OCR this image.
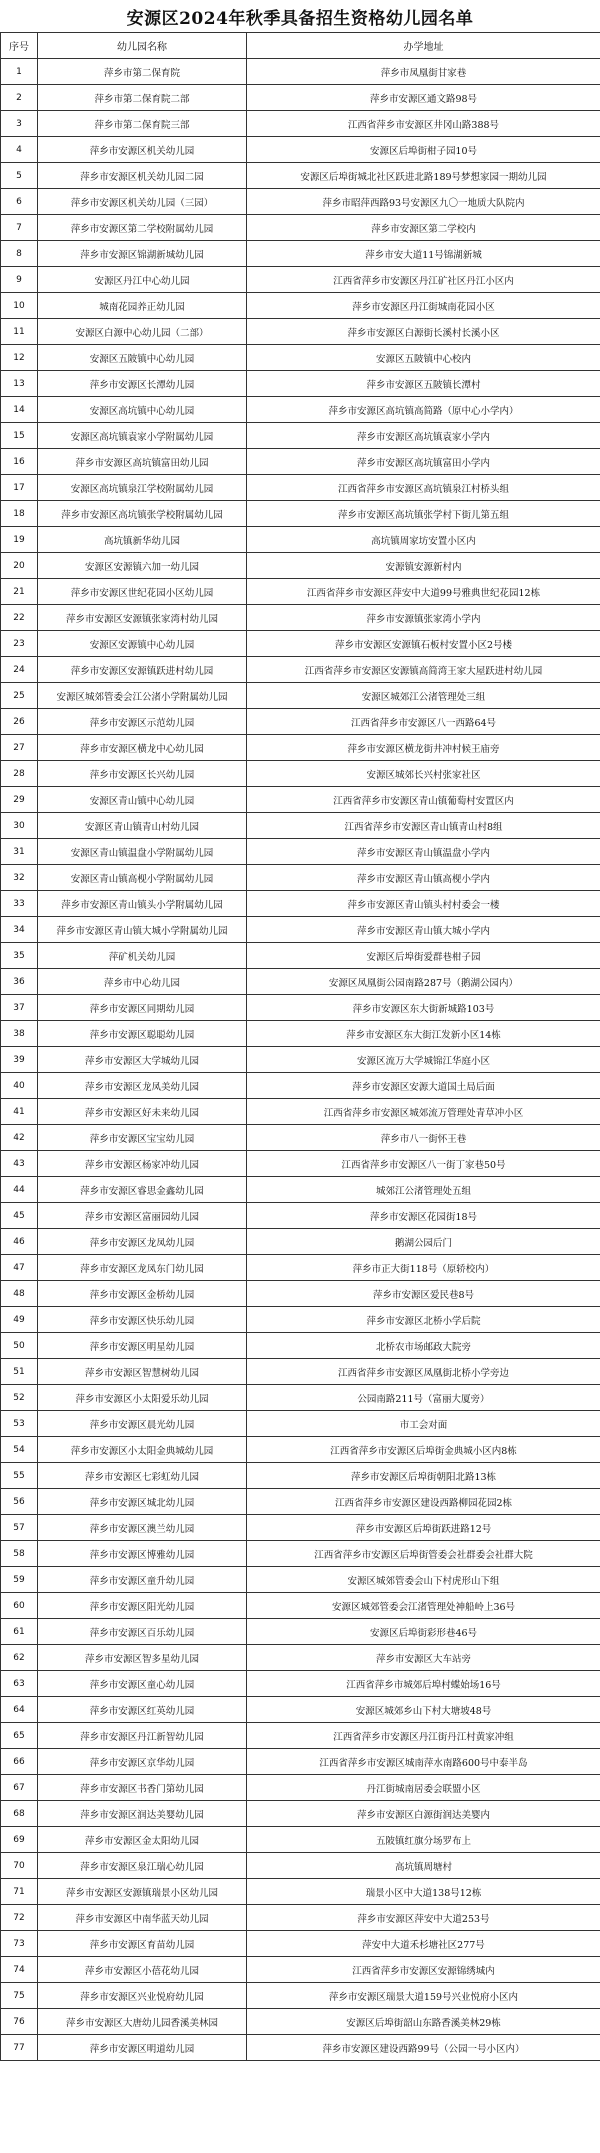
安源区2024年秋季具备招生资格幼儿园名单
序号	幼儿园名称	办学地址
1	萍乡市第二保育院	萍乡市凤凰街甘家巷
2	萍乡市第二保育院二部	萍乡市安源区通文路98号
3	萍乡市第二保育院三部	江西省萍乡市安源区井冈山路388号
4	萍乡市安源区机关幼儿园	安源区后埠街柑子园10号
5	萍乡市安源区机关幼儿园二园	安源区后埠街城北社区跃进北路189号梦想家园一期幼儿园
6	萍乡市安源区机关幼儿园（三园）	萍乡市昭萍西路93号安源区九〇一地质大队院内
7	萍乡市安源区第二学校附属幼儿园	萍乡市安源区第二学校内
8	萍乡市安源区锦湖新城幼儿园	萍乡市安大道11号锦湖新城
9	安源区丹江中心幼儿园	江西省萍乡市安源区丹江矿社区丹江小区内
10	城南花园养正幼儿园	萍乡市安源区丹江街城南花园小区
11	安源区白源中心幼儿园（二部）	萍乡市安源区白源街长溪村长溪小区
12	安源区五陂镇中心幼儿园	安源区五陂镇中心校内
13	萍乡市安源区长潭幼儿园	萍乡市安源区五陂镇长潭村
14	安源区高坑镇中心幼儿园	萍乡市安源区高坑镇高简路（原中心小学内）
15	安源区高坑镇袁家小学附属幼儿园	萍乡市安源区高坑镇袁家小学内
16	萍乡市安源区高坑镇富田幼儿园	萍乡市安源区高坑镇富田小学内
17	安源区高坑镇泉江学校附属幼儿园	江西省萍乡市安源区高坑镇泉江村桥头组
18	萍乡市安源区高坑镇张学校附属幼儿园	萍乡市安源区高坑镇张学村下街儿第五组
19	高坑镇新华幼儿园	高坑镇周家坊安置小区内
20	安源区安源镇六加一幼儿园	安源镇安源新村内
21	萍乡市安源区世纪花园小区幼儿园	江西省萍乡市安源区萍安中大道99号雅典世纪花园12栋
22	萍乡市安源区安源镇张家湾村幼儿园	萍乡市安源镇张家湾小学内
23	安源区安源镇中心幼儿园	萍乡市安源区安源镇石板村安置小区2号楼
24	萍乡市安源区安源镇跃进村幼儿园	江西省萍乡市安源区安源镇高简湾王家大屋跃进村幼儿园
25	安源区城郊管委会江公渚小学附属幼儿园	安源区城郊江公渚管理处三组
26	萍乡市安源区示范幼儿园	江西省萍乡市安源区八一西路64号
27	萍乡市安源区横龙中心幼儿园	萍乡市安源区横龙街井冲村候王庙旁
28	萍乡市安源区长兴幼儿园	安源区城郊长兴村张家社区
29	安源区青山镇中心幼儿园	江西省萍乡市安源区青山镇葡萄村安置区内
30	安源区青山镇青山村幼儿园	江西省萍乡市安源区青山镇青山村8组
31	安源区青山镇温盘小学附属幼儿园	萍乡市安源区青山镇温盘小学内
32	安源区青山镇高枧小学附属幼儿园	萍乡市安源区青山镇高枧小学内
33	萍乡市安源区青山镇头小学附属幼儿园	萍乡市安源区青山镇头村村委会一楼
34	萍乡市安源区青山镇大城小学附属幼儿园	萍乡市安源区青山镇大城小学内
35	萍矿机关幼儿园	安源区后埠街爱群巷柑子园
36	萍乡市中心幼儿园	安源区凤凰街公园南路287号（鹅湖公园内）
37	萍乡市安源区同期幼儿园	萍乡市安源区东大街新城路103号
38	萍乡市安源区聪聪幼儿园	萍乡市安源区东大街江发新小区14栋
39	萍乡市安源区大学城幼儿园	安源区流万大学城锦江华庭小区
40	萍乡市安源区龙凤美幼儿园	萍乡市安源区安源大道国土局后面
41	萍乡市安源区好未来幼儿园	江西省萍乡市安源区城郊流万管理处青草冲小区
42	萍乡市安源区宝宝幼儿园	萍乡市八一街怀王巷
43	萍乡市安源区杨家冲幼儿园	江西省萍乡市安源区八一街丁家巷50号
44	萍乡市安源区睿思金鑫幼儿园	城郊江公渚管理处五组
45	萍乡市安源区富丽园幼儿园	萍乡市安源区花园街18号
46	萍乡市安源区龙凤幼儿园	鹅湖公园后门
47	萍乡市安源区龙凤东门幼儿园	萍乡市正大街118号（原轿校内）
48	萍乡市安源区金桥幼儿园	萍乡市安源区爱民巷8号
49	萍乡市安源区快乐幼儿园	萍乡市安源区北桥小学后院
50	萍乡市安源区明星幼儿园	北桥农市场邮政大院旁
51	萍乡市安源区智慧树幼儿园	江西省萍乡市安源区凤凰街北桥小学旁边
52	萍乡市安源区小太阳爱乐幼儿园	公园南路211号（富丽大厦旁）
53	萍乡市安源区晨光幼儿园	市工会对面
54	萍乡市安源区小太阳金典城幼儿园	江西省萍乡市安源区后埠街金典城小区内8栋
55	萍乡市安源区七彩虹幼儿园	萍乡市安源区后埠街朝阳北路13栋
56	萍乡市安源区城北幼儿园	江西省萍乡市安源区建设西路柳园花园2栋
57	萍乡市安源区澳兰幼儿园	萍乡市安源区后埠街跃进路12号
58	萍乡市安源区博雅幼儿园	江西省萍乡市安源区后埠街管委会社群委会社群大院
59	萍乡市安源区童升幼儿园	安源区城郊管委会山下村虎形山下组
60	萍乡市安源区阳光幼儿园	安源区城郊管委会江渚管理处神船岭上36号
61	萍乡市安源区百乐幼儿园	安源区后埠街彩形巷46号
62	萍乡市安源区智多星幼儿园	萍乡市安源区大车站旁
63	萍乡市安源区童心幼儿园	江西省萍乡市城郊后埠村蝶始场16号
64	萍乡市安源区红英幼儿园	安源区城郊乡山下村大塘坡48号
65	萍乡市安源区丹江新智幼儿园	江西省萍乡市安源区丹江街丹江村黄家冲组
66	萍乡市安源区京华幼儿园	江西省萍乡市安源区城南萍水南路600号中泰半岛
67	萍乡市安源区书香门第幼儿园	丹江街城南居委会联盟小区
68	萍乡市安源区润达美婴幼儿园	萍乡市安源区白源街润达美婴内
69	萍乡市安源区金太阳幼儿园	五陂镇红旗分场罗布上
70	萍乡市安源区泉江瑞心幼儿园	高坑镇周塘村
71	萍乡市安源区安源镇瑞景小区幼儿园	瑞景小区中大道138号12栋
72	萍乡市安源区中南华蓝天幼儿园	萍乡市安源区萍安中大道253号
73	萍乡市安源区育苗幼儿园	萍安中大道禾杉塘社区277号
74	萍乡市安源区小蓓花幼儿园	江西省萍乡市安源区安源锦绣城内
75	萍乡市安源区兴业悦府幼儿园	萍乡市安源区瑞景大道159号兴业悦府小区内
76	萍乡市安源区大唐幼儿园香溪美林园	安源区后埠街韶山东路香溪美林29栋
77	萍乡市安源区明道幼儿园	萍乡市安源区建设西路99号（公园一号小区内）
